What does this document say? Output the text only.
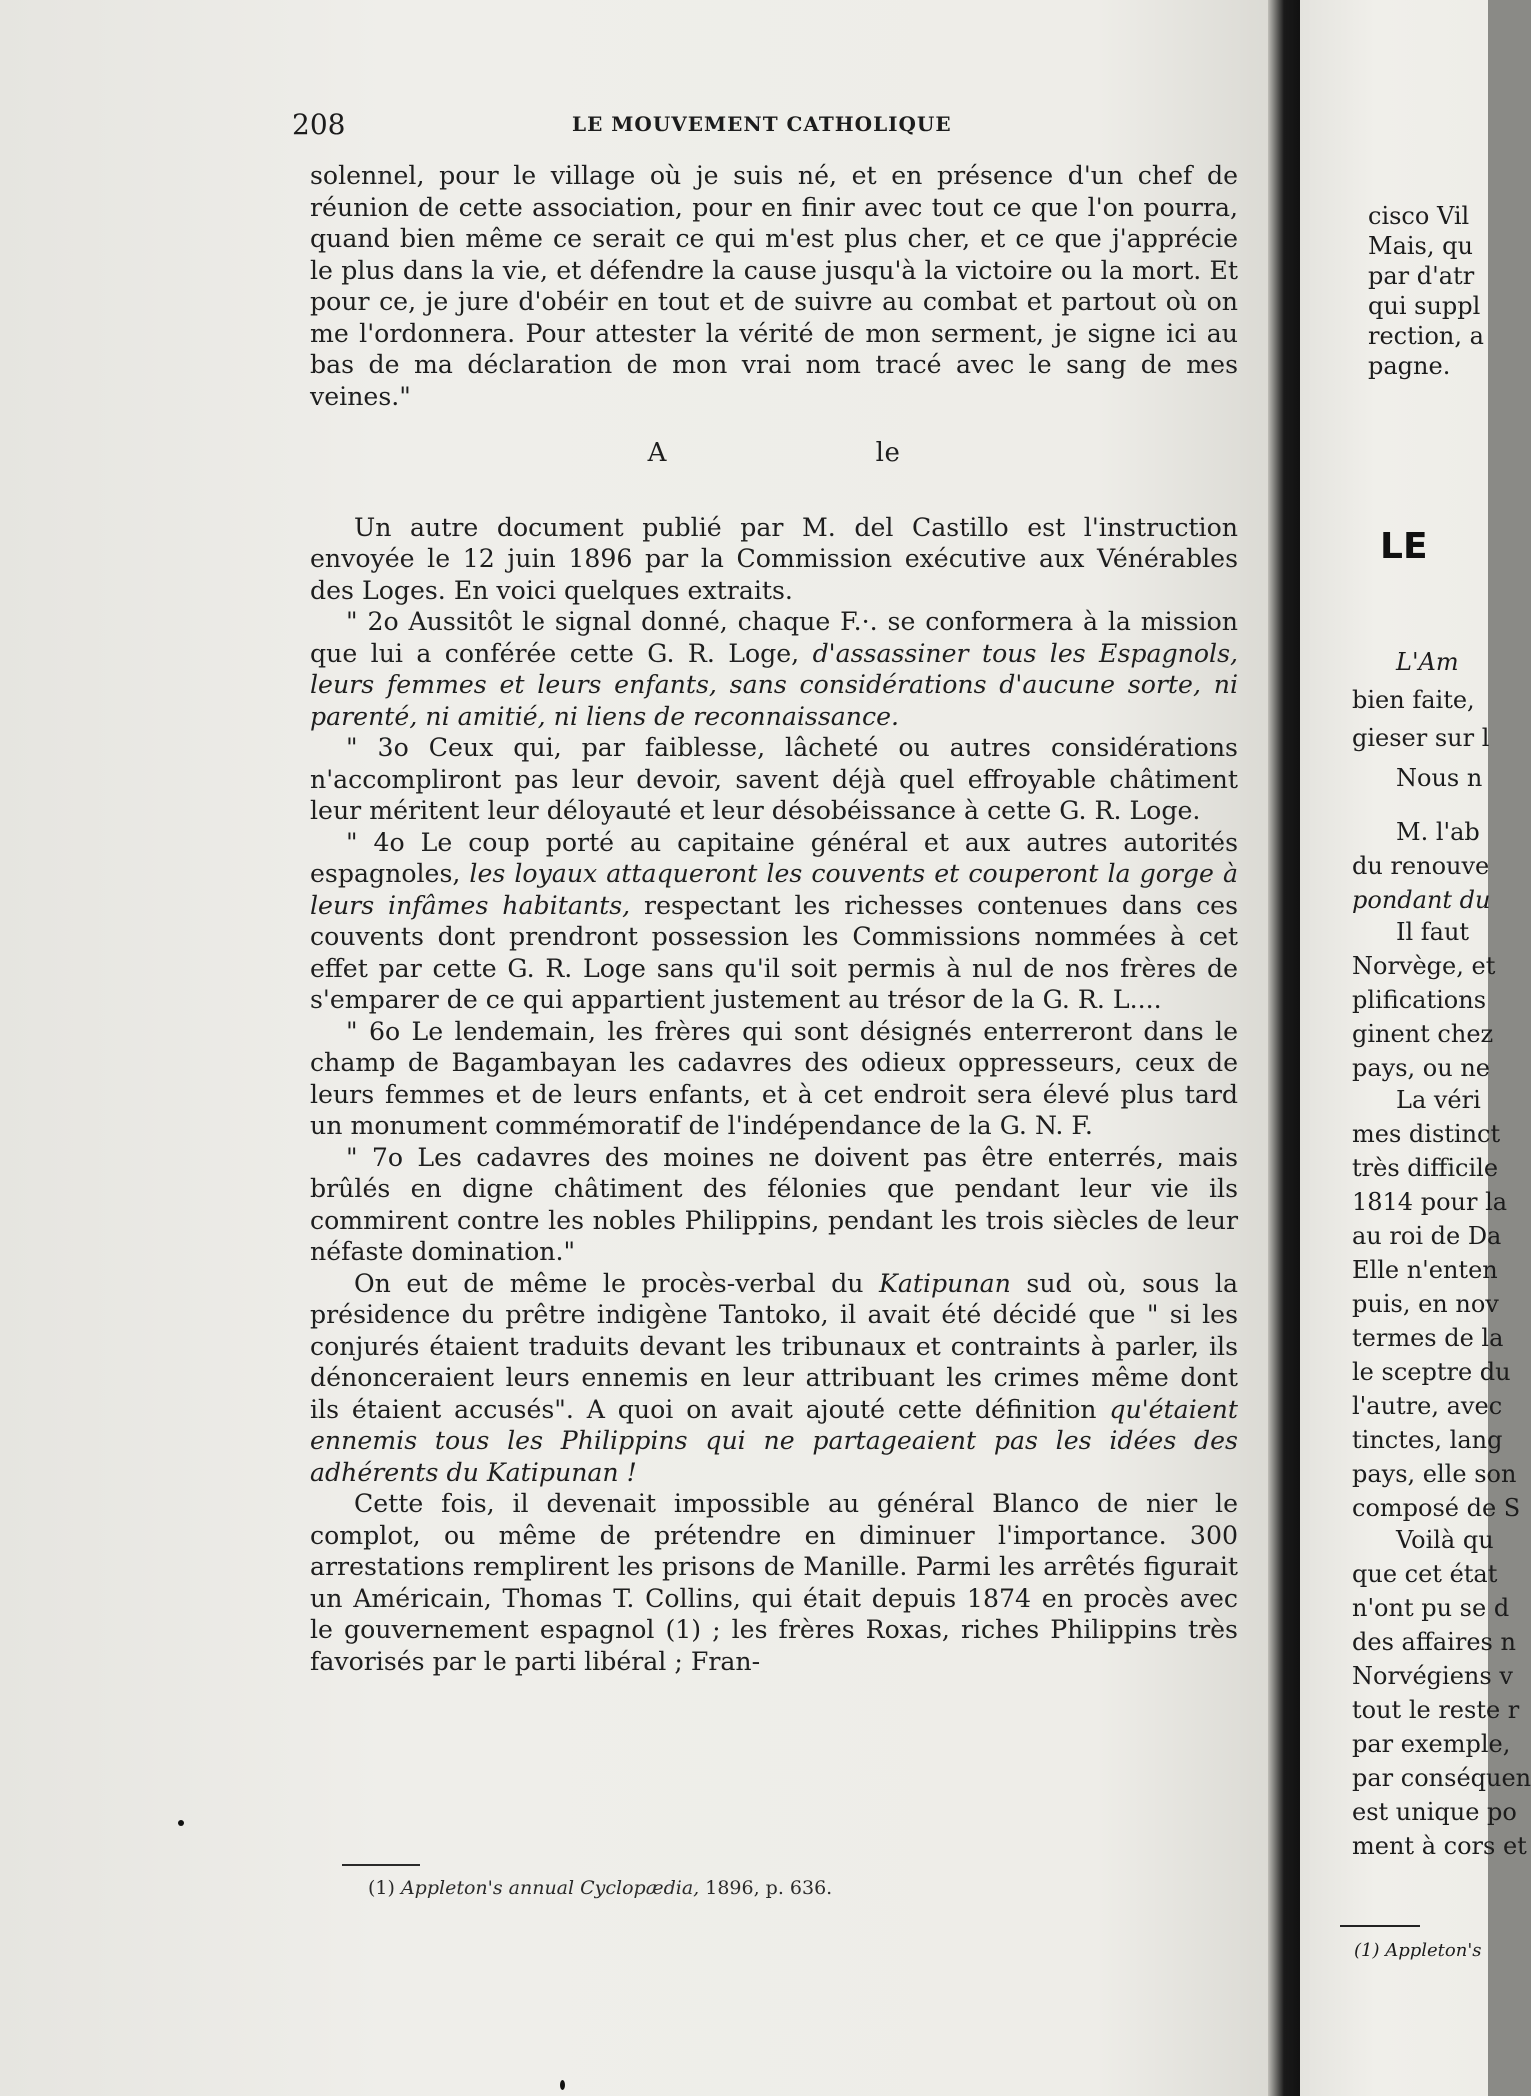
208	LE MOUVEMENT CATHOLIQUE

solennel, pour le village où je suis né, et en présence d'un chef de réunion de cette association, pour en finir avec tout ce que l'on pourra, quand bien même ce serait ce qui m'est plus cher, et ce que j'apprécie le plus dans la vie, et défendre la cause jusqu'à la victoire ou la mort. Et pour ce, je jure d'obéir en tout et de suivre au combat et partout où on me l'ordonnera. Pour attester la vérité de mon serment, je signe ici au bas de ma déclaration de mon vrai nom tracé avec le sang de mes veines."

A	le

Un autre document publié par M. del Castillo est l'instruction envoyée le 12 juin 1896 par la Commission exécutive aux Vénérables des Loges. En voici quelques extraits.

" 2o Aussitôt le signal donné, chaque F.·. se conformera à la mission que lui a conférée cette G. R. Loge, d'assassiner tous les Espagnols, leurs femmes et leurs enfants, sans considérations d'aucune sorte, ni parenté, ni amitié, ni liens de reconnaissance.

" 3o Ceux qui, par faiblesse, lâcheté ou autres considérations n'accompliront pas leur devoir, savent déjà quel effroyable châtiment leur méritent leur déloyauté et leur désobéissance à cette G. R. Loge.

" 4o Le coup porté au capitaine général et aux autres autorités espagnoles, les loyaux attaqueront les couvents et couperont la gorge à leurs infâmes habitants, respectant les richesses contenues dans ces couvents dont prendront possession les Commissions nommées à cet effet par cette G. R. Loge sans qu'il soit permis à nul de nos frères de s'emparer de ce qui appartient justement au trésor de la G. R. L....

" 6o Le lendemain, les frères qui sont désignés enterreront dans le champ de Bagambayan les cadavres des odieux oppresseurs, ceux de leurs femmes et de leurs enfants, et à cet endroit sera élevé plus tard un monument commémoratif de l'indépendance de la G. N. F.

" 7o Les cadavres des moines ne doivent pas être enterrés, mais brûlés en digne châtiment des félonies que pendant leur vie ils commirent contre les nobles Philippins, pendant les trois siècles de leur néfaste domination."

On eut de même le procès-verbal du Katipunan sud où, sous la présidence du prêtre indigène Tantoko, il avait été décidé que " si les conjurés étaient traduits devant les tribunaux et contraints à parler, ils dénonceraient leurs ennemis en leur attribuant les crimes même dont ils étaient accusés". A quoi on avait ajouté cette définition qu'étaient ennemis tous les Philippins qui ne partageaient pas les idées des adhérents du Katipunan !

Cette fois, il devenait impossible au général Blanco de nier le complot, ou même de prétendre en diminuer l'importance. 300 arrestations remplirent les prisons de Manille. Parmi les arrêtés figurait un Américain, Thomas T. Collins, qui était depuis 1874 en procès avec le gouvernement espagnol (1) ; les frères Roxas, riches Philippins très favorisés par le parti libéral ; Fran-

(1) Appleton's annual Cyclopædia, 1896, p. 636.
cisco Vil
Mais, qu
par d'atr
qui suppl
rection, a
pagne.
LE
L'Am
bien faite,
gieser sur l
Nous n
M. l'ab
du renouve
pondant du
Il faut
Norvège, et
plifications
ginent chez
pays, ou ne
La véri
mes distinct
très difficile
1814 pour la
au roi de Da
Elle n'enten
puis, en nov
termes de la
le sceptre du
l'autre, avec
tinctes, lang
pays, elle son
composé de S
Voilà qu
que cet état
n'ont pu se d
des affaires n
Norvégiens v
tout le reste r
par exemple,
par conséquen
est unique po
ment à cors et
(1) Appleton's
